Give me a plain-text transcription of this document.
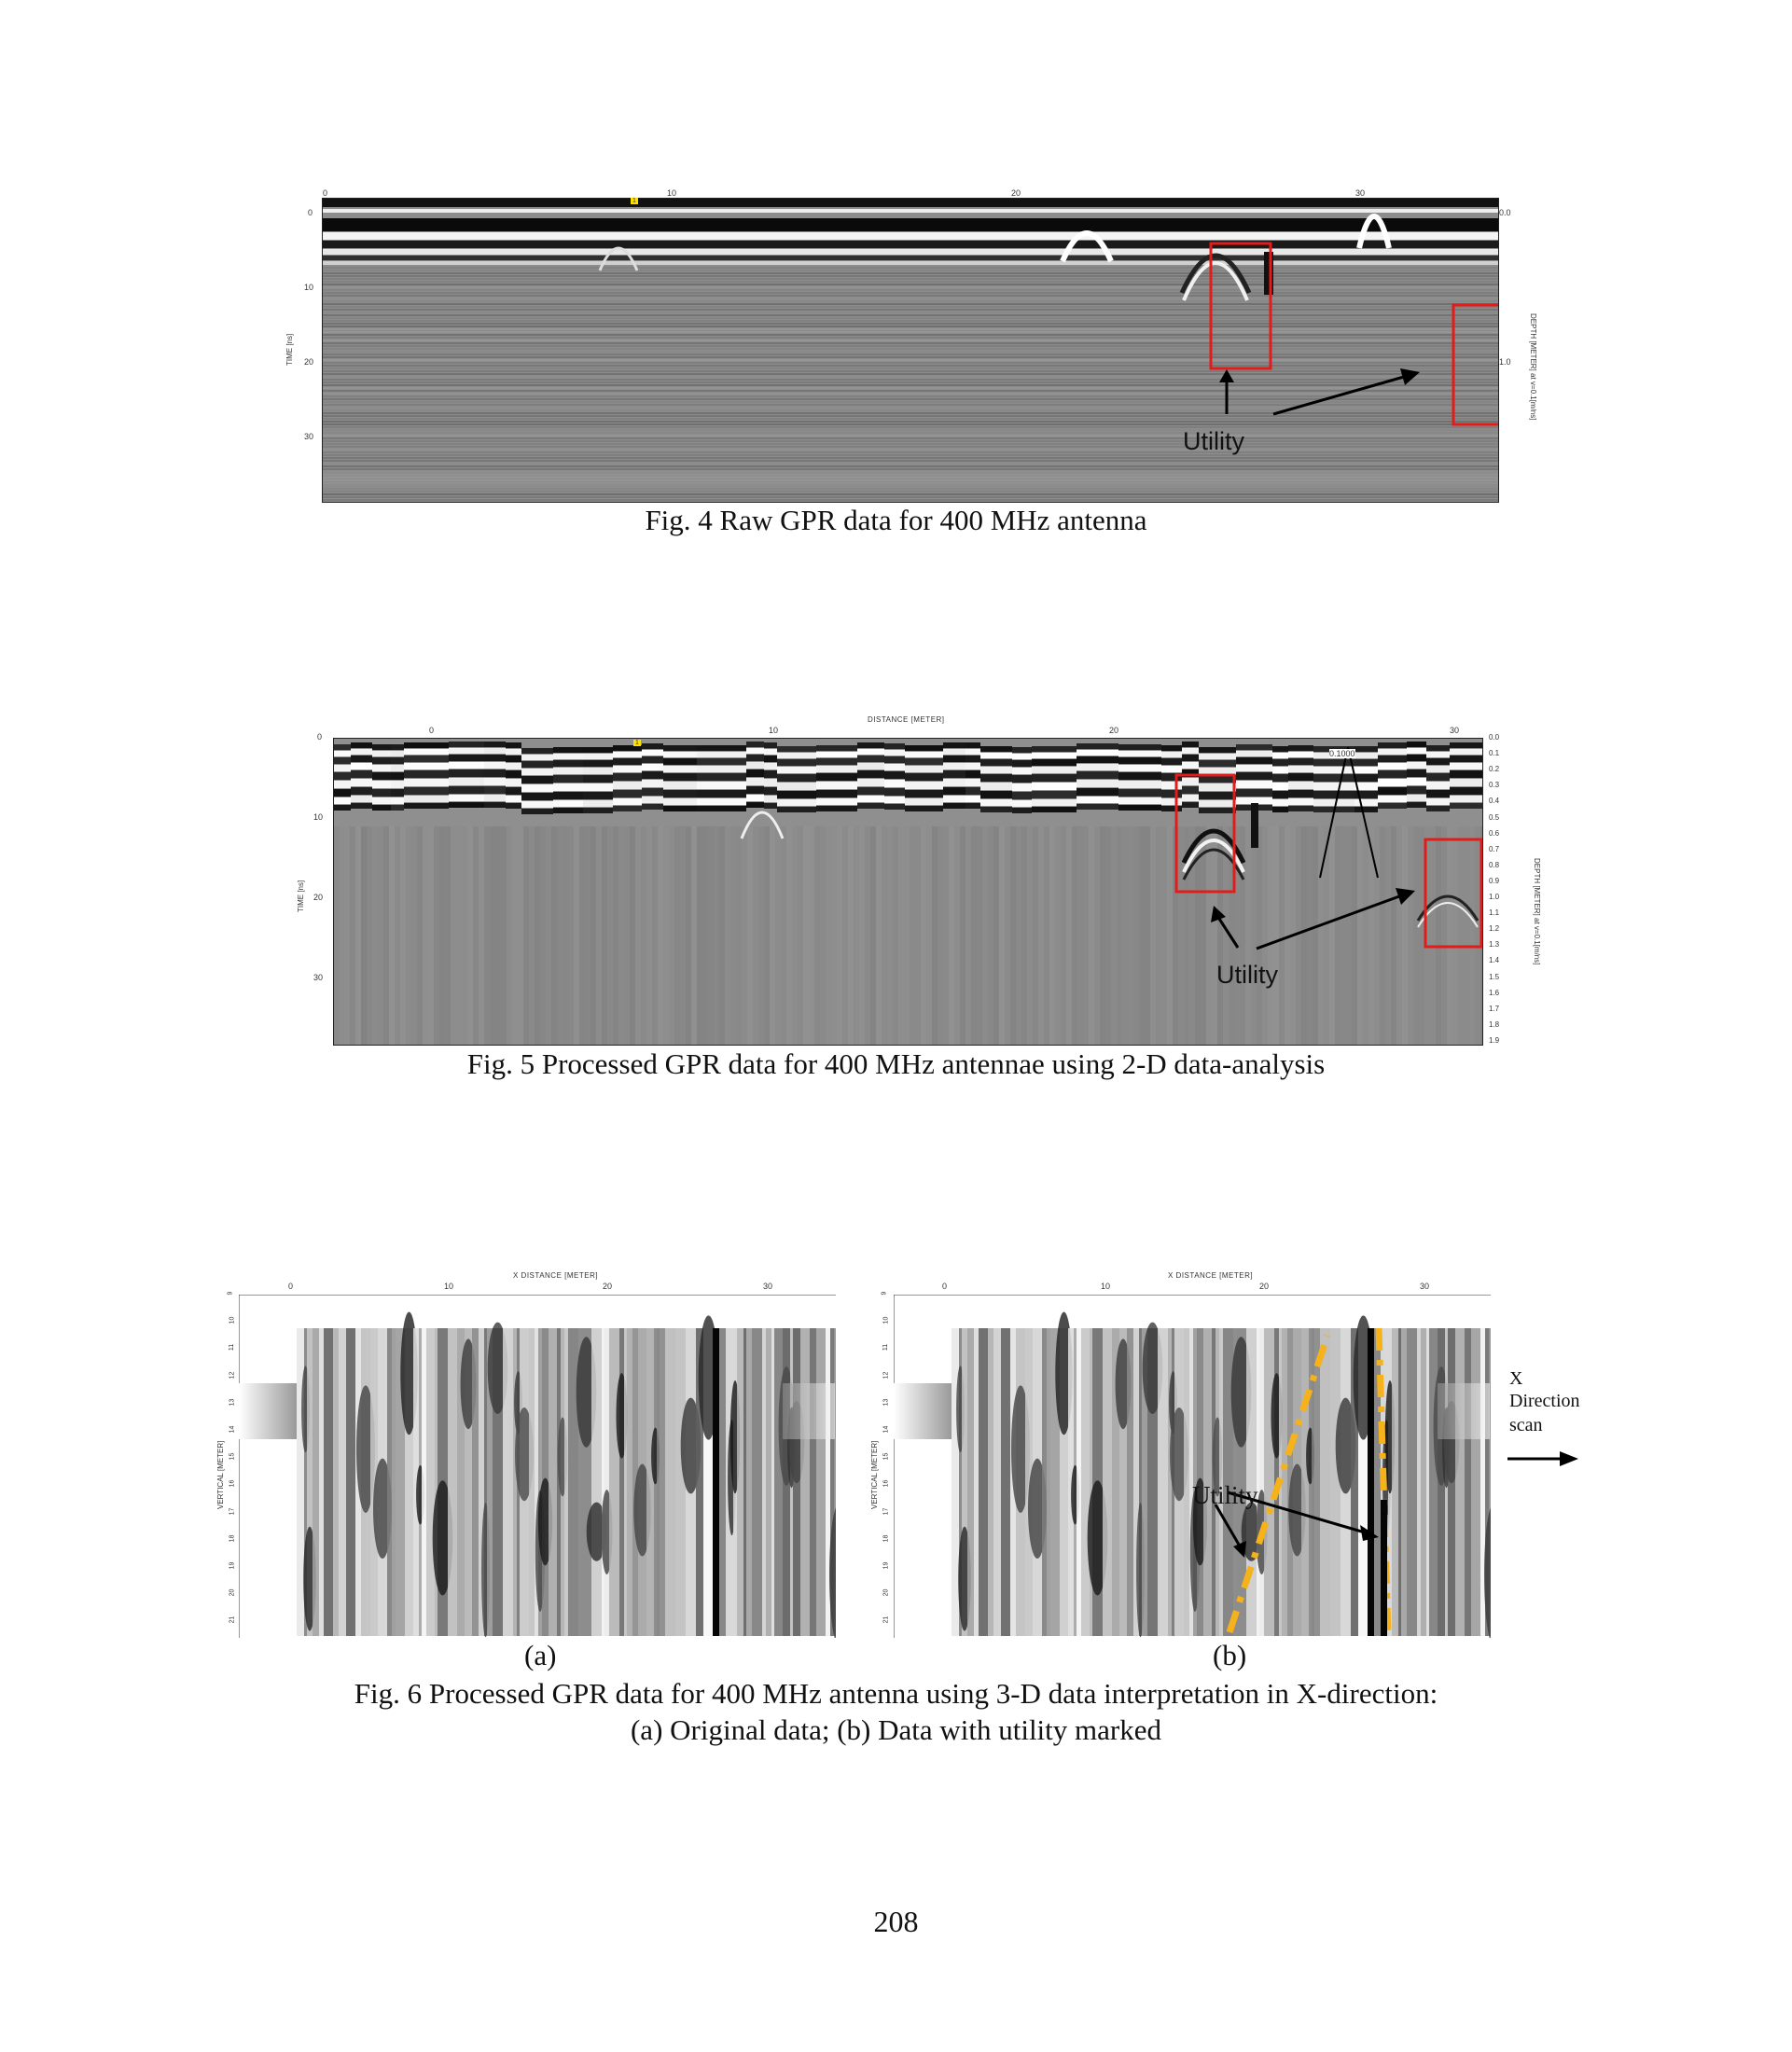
0	10	20	30
0
10
20
30
TIME [ns]
0.0
1.0 DEPTH [METER] at v=0.1[m/ns]
1
Utility
Fig. 4 Raw GPR data for 400 MHz antenna
DISTANCE [METER]
0	10	20	30
0
10
20
30
TIME [ns]
0.0
0.1
0.2
0.3
0.4
0.5
0.6
0.7
0.8
0.9
1.0
1.1
1.2
1.3
1.4
1.5
1.6
1.7
1.8
1.9
DEPTH [METER] at v=0.1[m/ns]
1
0.1000
Utility
Fig. 5 Processed GPR data for 400 MHz antennae using 2-D data-analysis
X DISTANCE [METER]
0	10	20	30
9
10
11
12
13
14
15
16
17
18
19
20
21
VERTICAL [METER]
(a)
X DISTANCE [METER]
0	10	20	30
9
10
11
12
13
14
15
16
17
18
19
20
21
VERTICAL [METER]
(b)
Utility
X
Direction
scan
Fig. 6 Processed GPR data for 400 MHz antenna using 3-D data interpretation in X-direction:
(a) Original data; (b) Data with utility marked
208
